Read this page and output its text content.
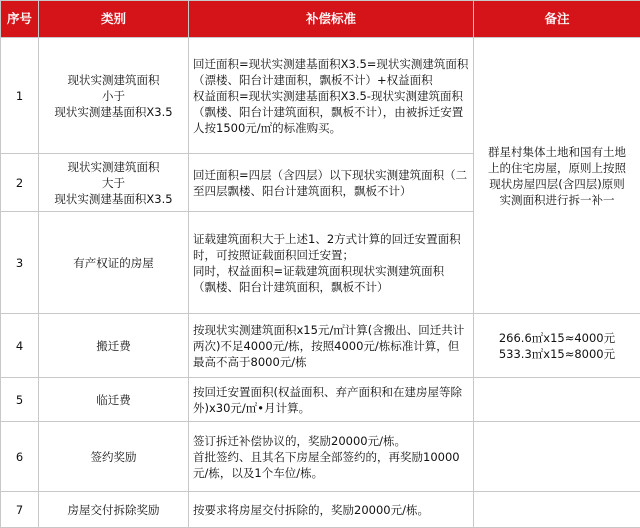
序号	类别	补偿标准	备注
1	现状实测建筑面积
小于
现状实测建基面积X3.5	回迁面积=现状实测建基面积X3.5=现状实测建筑面积
（漂楼、阳台计建面积，飘板不计）+权益面积
权益面积=现状实测建基面积X3.5-现状实测建筑面积
（飘楼、阳台计建筑面积，飘板不计），由被拆迁安置人按1500元/㎡的标准购买。	群星村集体土地和国有土地上的住宅房屋，原则上按照现状房屋四层(含四层)原则实测面积进行拆一补一

2	现状实测建筑面积
大于
现状实测建基面积X3.5	回迁面积=四层（含四层）以下现状实测建筑面积（二至四层飘楼、阳台计建筑面积，飘板不计）	

3	有产权证的房屋	证载建筑面积大于上述1、2方式计算的回迁安置面积时，可按照证载面积回迁安置；
同时，权益面积=证载建筑面积现状实测建筑面积
（飘楼、阳台计建筑面积，飘板不计）	

4	搬迁费	按现状实测建筑面积x15元/㎡计算(含搬出、回迁共计两次)不足4000元/栋，按照4000元/栋标准计算，但最高不高于8000元/栋	266.6㎡x15≈4000元
533.3㎡x15≈8000元

5	临迁费	按回迁安置面积(权益面积、弃产面积和在建房屋等除外)x30元/㎡•月计算。	

6	签约奖励	签订拆迁补偿协议的，奖励20000元/栋。
首批签约、且其名下房屋全部签约的，再奖励10000元/栋，以及1个车位/栋。	

7	房屋交付拆除奖励	按要求将房屋交付拆除的，奖励20000元/栋。	
